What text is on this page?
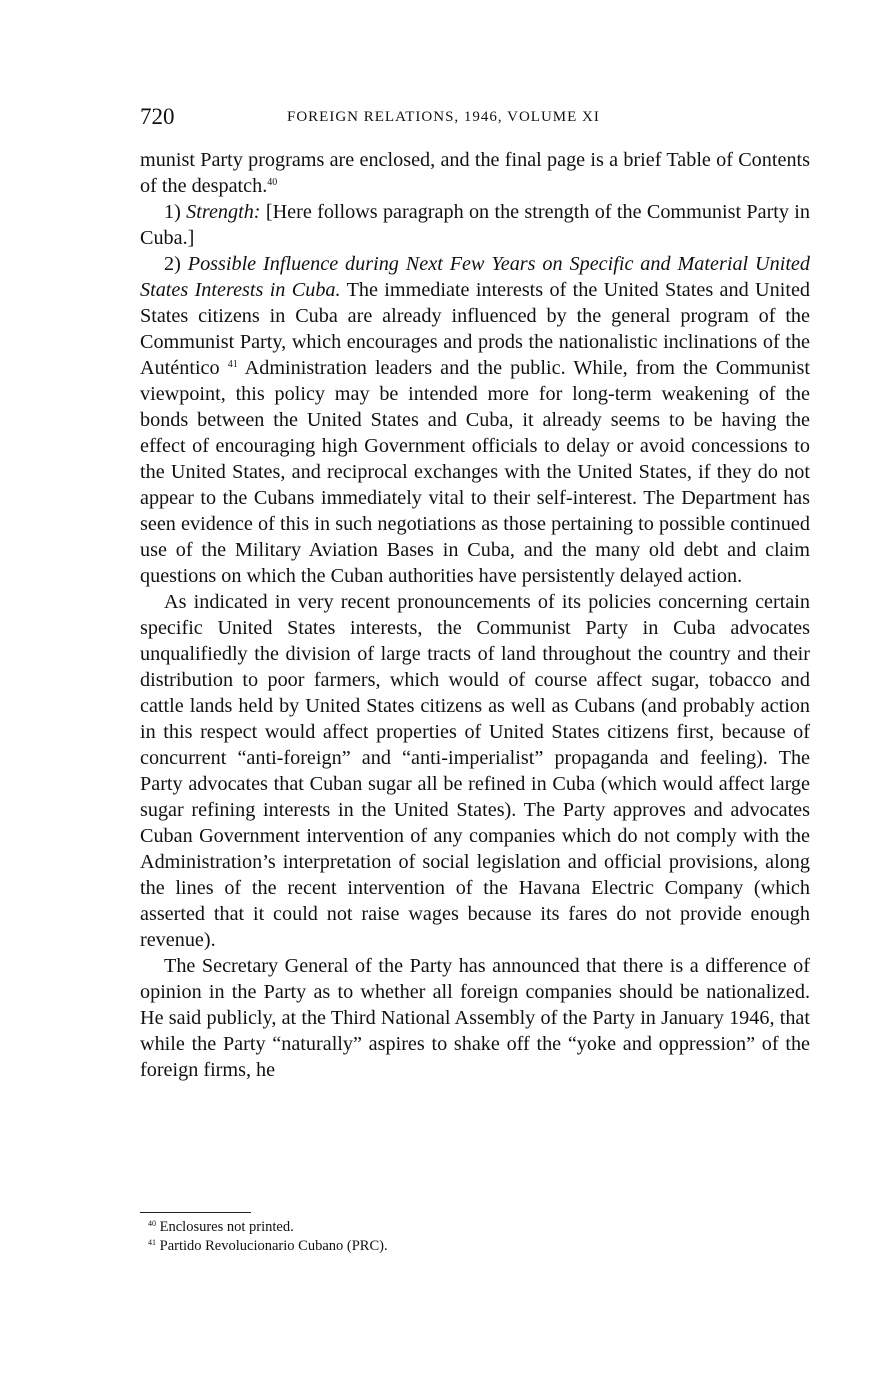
720	FOREIGN RELATIONS, 1946, VOLUME XI

munist Party programs are enclosed, and the final page is a brief Table of Contents of the despatch.$^{40}$

1) Strength: [Here follows paragraph on the strength of the Communist Party in Cuba.]

2) Possible Influence during Next Few Years on Specific and Material United States Interests in Cuba. The immediate interests of the United States and United States citizens in Cuba are already influenced by the general program of the Communist Party, which encourages and prods the nationalistic inclinations of the Auténtico $^{41}$ Administration leaders and the public. While, from the Communist viewpoint, this policy may be intended more for long-term weakening of the bonds between the United States and Cuba, it already seems to be having the effect of encouraging high Government officials to delay or avoid concessions to the United States, and reciprocal exchanges with the United States, if they do not appear to the Cubans immediately vital to their self-interest. The Department has seen evidence of this in such negotiations as those pertaining to possible continued use of the Military Aviation Bases in Cuba, and the many old debt and claim questions on which the Cuban authorities have persistently delayed action.

As indicated in very recent pronouncements of its policies concerning certain specific United States interests, the Communist Party in Cuba advocates unqualifiedly the division of large tracts of land throughout the country and their distribution to poor farmers, which would of course affect sugar, tobacco and cattle lands held by United States citizens as well as Cubans (and probably action in this respect would affect properties of United States citizens first, because of concurrent “anti-foreign” and “anti-imperialist” propaganda and feeling). The Party advocates that Cuban sugar all be refined in Cuba (which would affect large sugar refining interests in the United States). The Party approves and advocates Cuban Government intervention of any companies which do not comply with the Administration’s interpretation of social legislation and official provisions, along the lines of the recent intervention of the Havana Electric Company (which asserted that it could not raise wages because its fares do not provide enough revenue).

The Secretary General of the Party has announced that there is a difference of opinion in the Party as to whether all foreign companies should be nationalized. He said publicly, at the Third National Assembly of the Party in January 1946, that while the Party “naturally” aspires to shake off the “yoke and oppression” of the foreign firms, he

$^{40}$ Enclosures not printed.

$^{41}$ Partido Revolucionario Cubano (PRC).
